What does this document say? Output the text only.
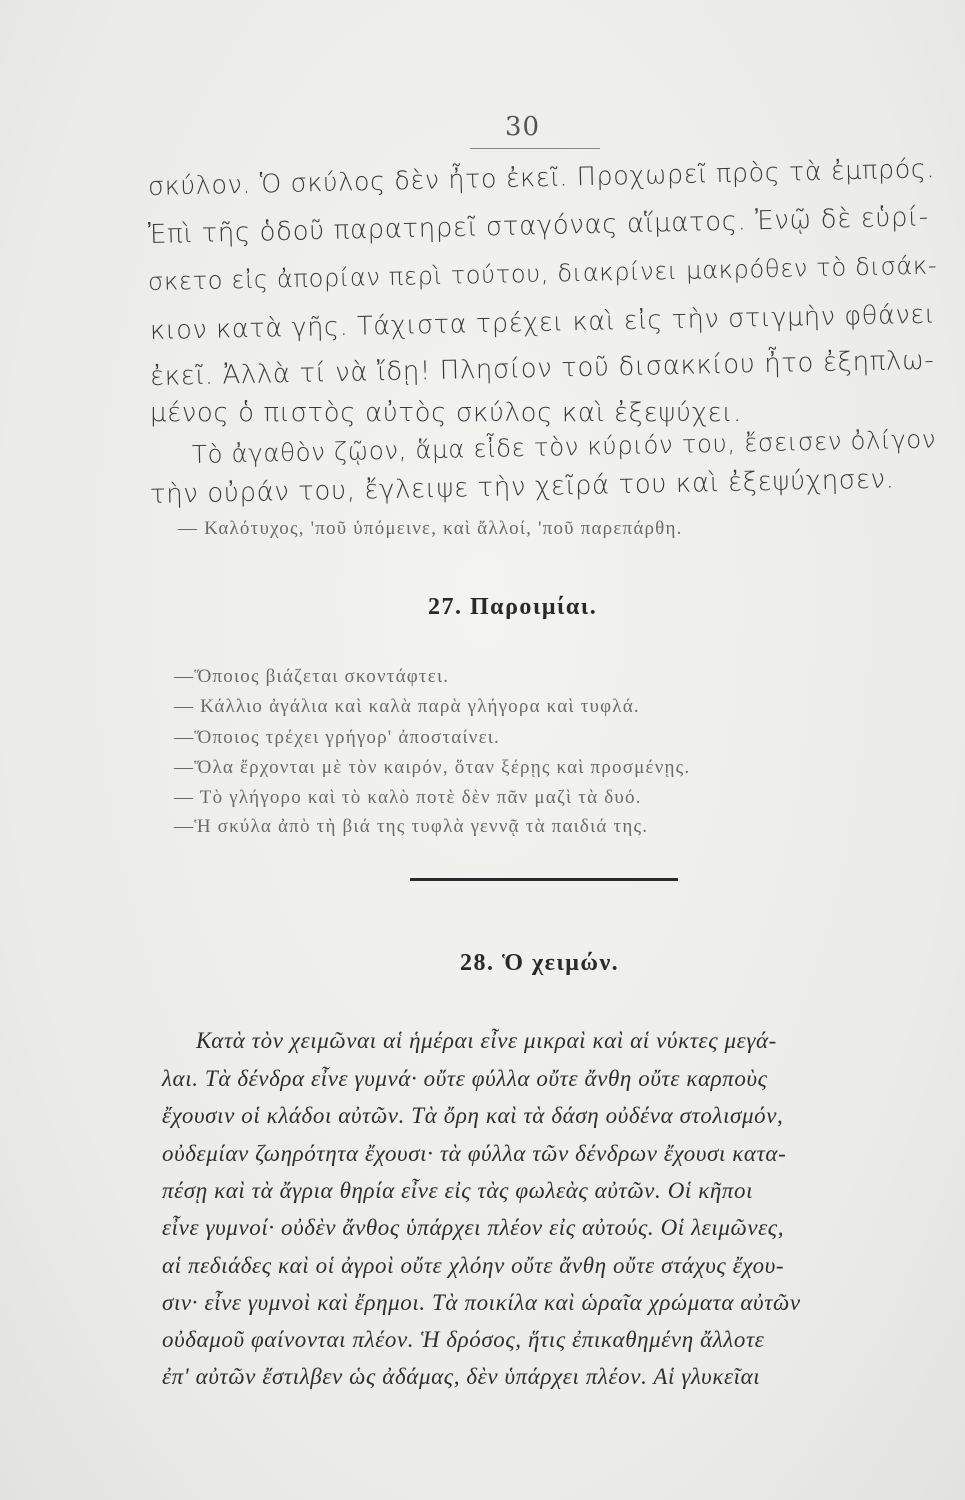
30
σκύλον. Ὁ σκύλος δὲν ἦτο ἐκεῖ. Προχωρεῖ πρὸς τὰ ἐμπρός.
Ἐπὶ τῆς ὁδοῦ παρατηρεῖ σταγόνας αἵματος. Ἐνῷ δὲ εὑρί-
σκετο εἰς ἀπορίαν περὶ τούτου, διακρίνει μακρόθεν τὸ δισάκ-
κιον κατὰ γῆς. Τάχιστα τρέχει καὶ εἰς τὴν στιγμὴν φθάνει
ἐκεῖ. Ἀλλὰ τί νὰ ἴδῃ! Πλησίον τοῦ δισακκίου ἦτο ἐξηπλω-
μένος ὁ πιστὸς αὐτὸς σκύλος καὶ ἐξεψύχει.
Τὸ ἀγαθὸν ζῷον, ἅμα εἶδε τὸν κύριόν του, ἔσεισεν ὀλίγον
τὴν οὐράν του, ἔγλειψε τὴν χεῖρά του καὶ ἐξεψύχησεν.
— Καλότυχος, 'ποῦ ὑπόμεινε, καὶ ἄλλοί, 'ποῦ παρεπάρθη.
27. Παροιμίαι.
—Ὅποιος βιάζεται σκοντάφτει.
— Κάλλιο ἀγάλια καὶ καλὰ παρὰ γλήγορα καὶ τυφλά.
—Ὅποιος τρέχει γρήγορ' ἀποσταίνει.
—Ὅλα ἔρχονται μὲ τὸν καιρόν, ὅταν ξέρῃς καὶ προσμένῃς.
— Τὸ γλήγορο καὶ τὸ καλὸ ποτὲ δὲν πᾶν μαζὶ τὰ δυό.
—Ἡ σκύλα ἀπὸ τὴ βιά της τυφλὰ γεννᾷ τὰ παιδιά της.
28. Ὁ χειμών.
Κατὰ τὸν χειμῶναι αἱ ἡμέραι εἶνε μικραὶ καὶ αἱ νύκτες μεγά-
λαι. Τὰ δένδρα εἶνε γυμνά· οὔτε φύλλα οὔτε ἄνθη οὔτε καρποὺς
ἔχουσιν οἱ κλάδοι αὐτῶν. Τὰ ὄρη καὶ τὰ δάση οὐδένα στολισμόν,
οὐδεμίαν ζωηρότητα ἔχουσι· τὰ φύλλα τῶν δένδρων ἔχουσι κατα-
πέσῃ καὶ τὰ ἄγρια θηρία εἶνε εἰς τὰς φωλεὰς αὐτῶν. Οἱ κῆποι
εἶνε γυμνοί· οὐδὲν ἄνθος ὑπάρχει πλέον εἰς αὐτούς. Οἱ λειμῶνες,
αἱ πεδιάδες καὶ οἱ ἀγροὶ οὔτε χλόην οὔτε ἄνθη οὔτε στάχυς ἔχου-
σιν· εἶνε γυμνοὶ καὶ ἔρημοι. Τὰ ποικίλα καὶ ὡραῖα χρώματα αὐτῶν
οὐδαμοῦ φαίνονται πλέον. Ἡ δρόσος, ἥτις ἐπικαθημένη ἄλλοτε
ἐπ' αὐτῶν ἔστιλβεν ὡς ἀδάμας, δὲν ὑπάρχει πλέον. Αἱ γλυκεῖαι
